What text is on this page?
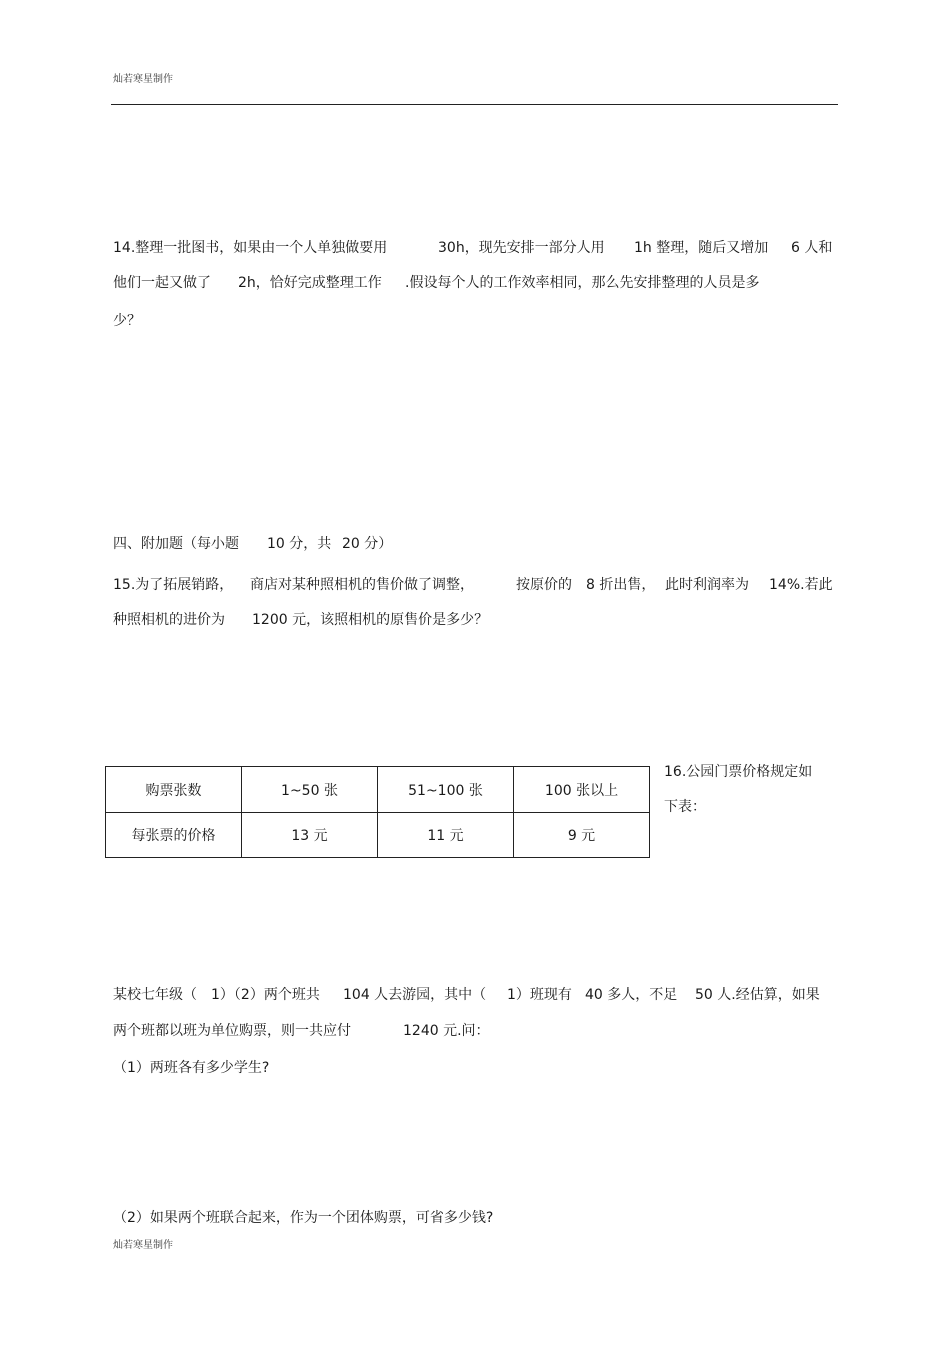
灿若寒星制作
14.整理一批图书，如果由一个人单独做要用	30h，现先安排一部分人用 1h 整理，随后又增加 6 人和
他们一起又做了 2h，恰好完成整理工作 .假设每个人的工作效率相同，那么先安排整理的人员是多
少？
四、附加题（每小题 10 分，共 20 分）
15.为了拓展销路， 商店对某种照相机的售价做了调整，	按原价的 8 折出售， 此时利润率为 14%.若此
种照相机的进价为 1200 元，该照相机的原售价是多少？
购票张数	1~50 张	51~100 张	100 张以上
每张票的价格	13 元	11 元	9 元
16.公园门票价格规定如
下表：
某校七年级（ 1）（2）两个班共 104 人去游园，其中（ 1）班现有 40 多人，不足 50 人.经估算，如果
两个班都以班为单位购票，则一共应付	1240 元.问：
（1）两班各有多少学生?
（2）如果两个班联合起来，作为一个团体购票，可省多少钱?
灿若寒星制作
